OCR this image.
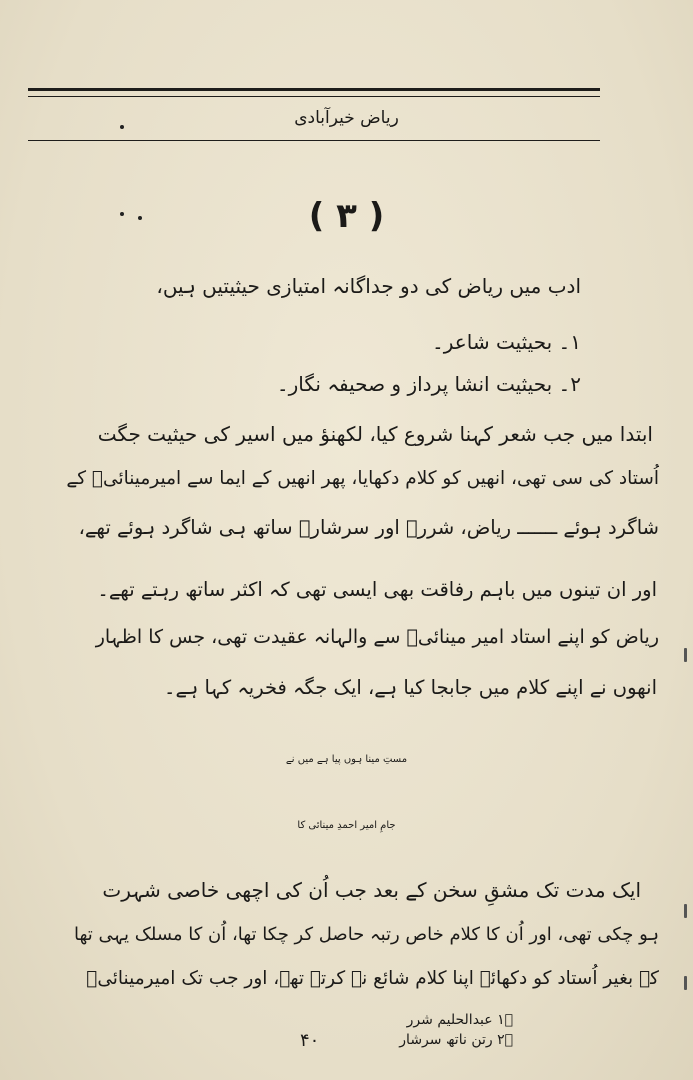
ریاض خیرآبادی
( ۳ )
ادب میں ریاض کی دو جداگانہ امتیازی حیثیتیں ہیں،
۱۔ بحیثیت شاعر۔
۲۔ بحیثیت انشا پرداز و صحیفہ نگار۔
ابتدا میں جب شعر کہنا شروع کیا، لکھنؤ میں اسیر کی حیثیت جگت
اُستاد کی سی تھی، انھیں کو کلام دکھایا، پھر انھیں کے ایما سے امیرمینائیؒ کے
شاگرد ہوئے ـــــــ ریاض، شررؔ اور سرشارؔ ساتھ ہی شاگرد ہوئے تھے،
اور ان تینوں میں باہم رفاقت بھی ایسی تھی کہ اکثر ساتھ رہتے تھے۔
ریاض کو اپنے استاد امیر مینائیؒ سے والہانہ عقیدت تھی، جس کا اظہار
انھوں نے اپنے کلام میں جابجا کیا ہے، ایک جگہ فخریہ کہا ہے۔
مستِ مینا ہوں پیا ہے میں نے
جامِ امیر احمدِ مینائی کا
ایک مدت تک مشقِ سخن کے بعد جب اُن کی اچھی خاصی شہرت
ہو چکی تھی، اور اُن کا کلام خاص رتبہ حاصل کر چکا تھا، اُن کا مسلک یہی تھا
کہ بغیر اُستاد کو دکھائے اپنا کلام شائع نہ کرتے تھے، اور جب تک امیرمینائیؒ
۱ؔ عبدالحلیم شرر
۲ؔ رتن ناتھ سرشار
۴۰
